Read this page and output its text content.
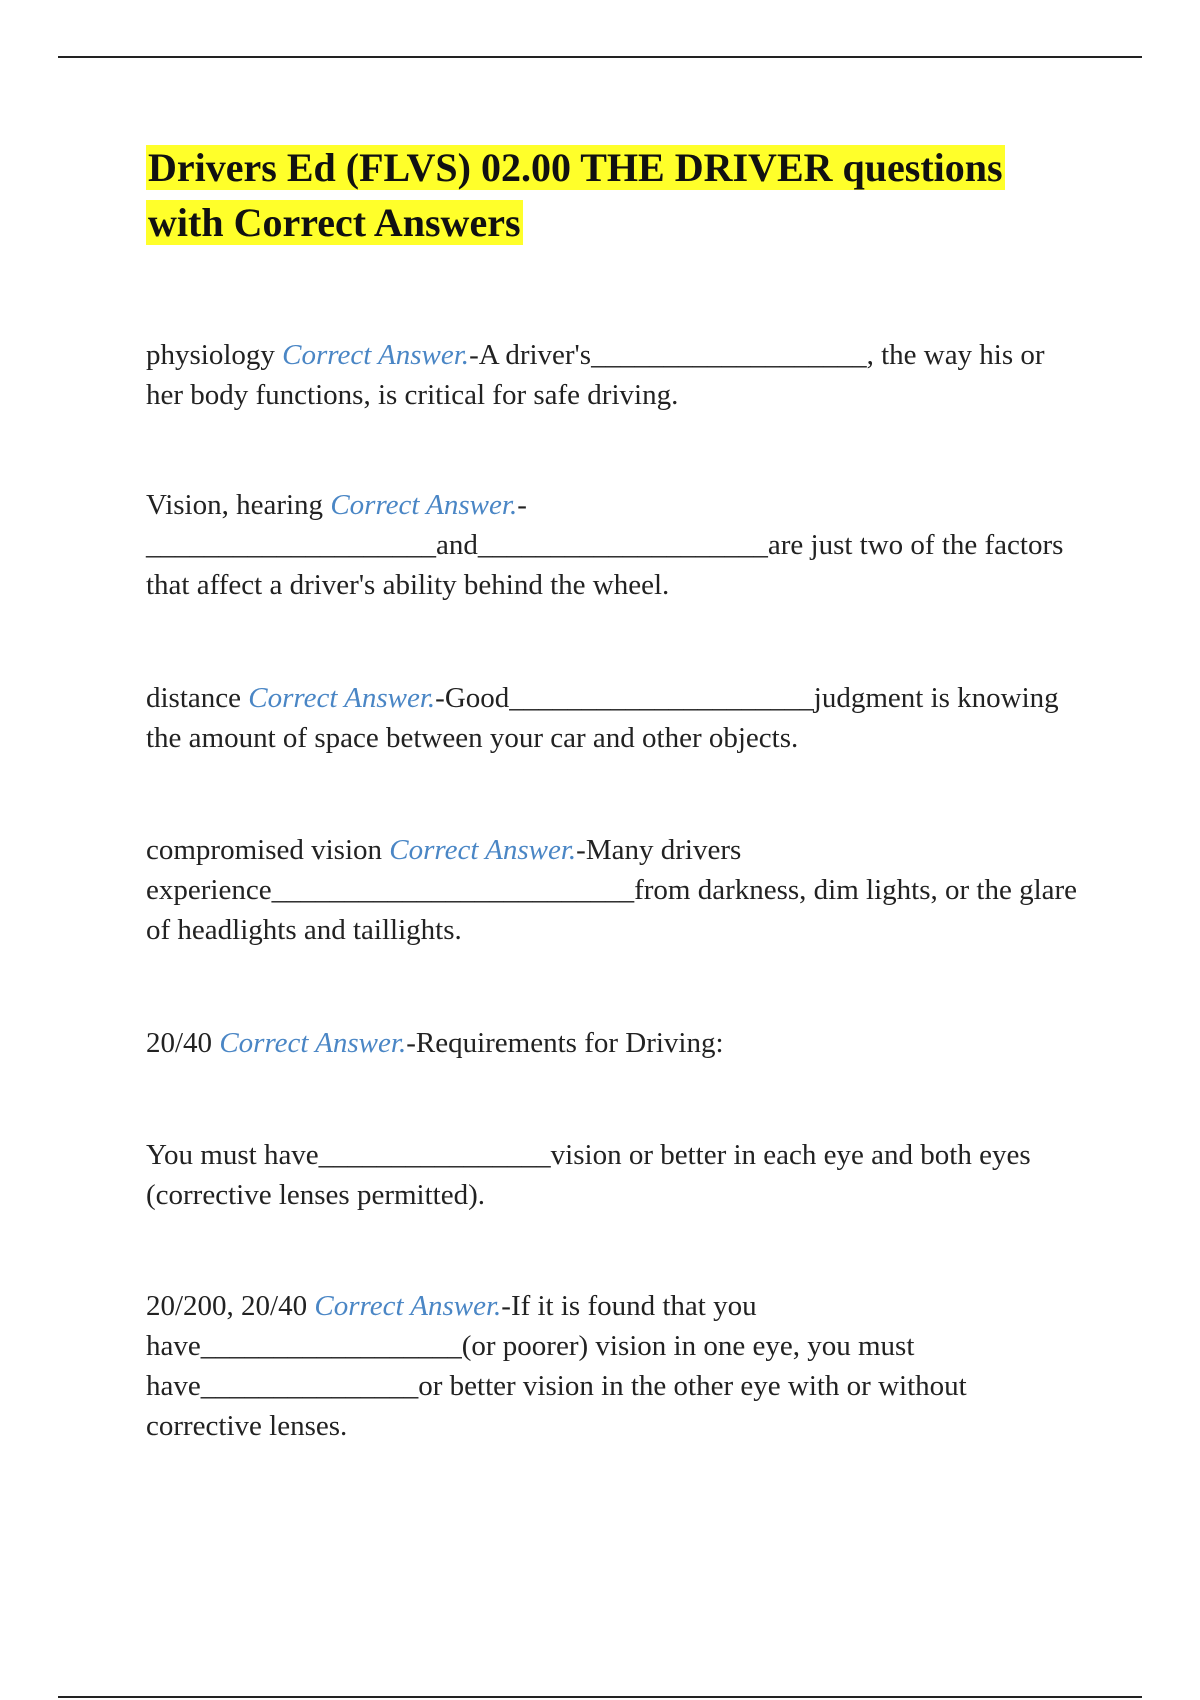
Drivers Ed (FLVS) 02.00 THE DRIVER questions with Correct Answers

physiology Correct Answer.-A driver's___________________, the way his or her body functions, is critical for safe driving.

Vision, hearing Correct Answer.-____________________and____________________are just two of the factors that affect a driver's ability behind the wheel.

distance Correct Answer.-Good_____________________judgment is knowing the amount of space between your car and other objects.

compromised vision Correct Answer.-Many drivers experience_________________________from darkness, dim lights, or the glare of headlights and taillights.

20/40 Correct Answer.-Requirements for Driving:

You must have________________vision or better in each eye and both eyes (corrective lenses permitted).

20/200, 20/40 Correct Answer.-If it is found that you have__________________(or poorer) vision in one eye, you must have_______________or better vision in the other eye with or without corrective lenses.
